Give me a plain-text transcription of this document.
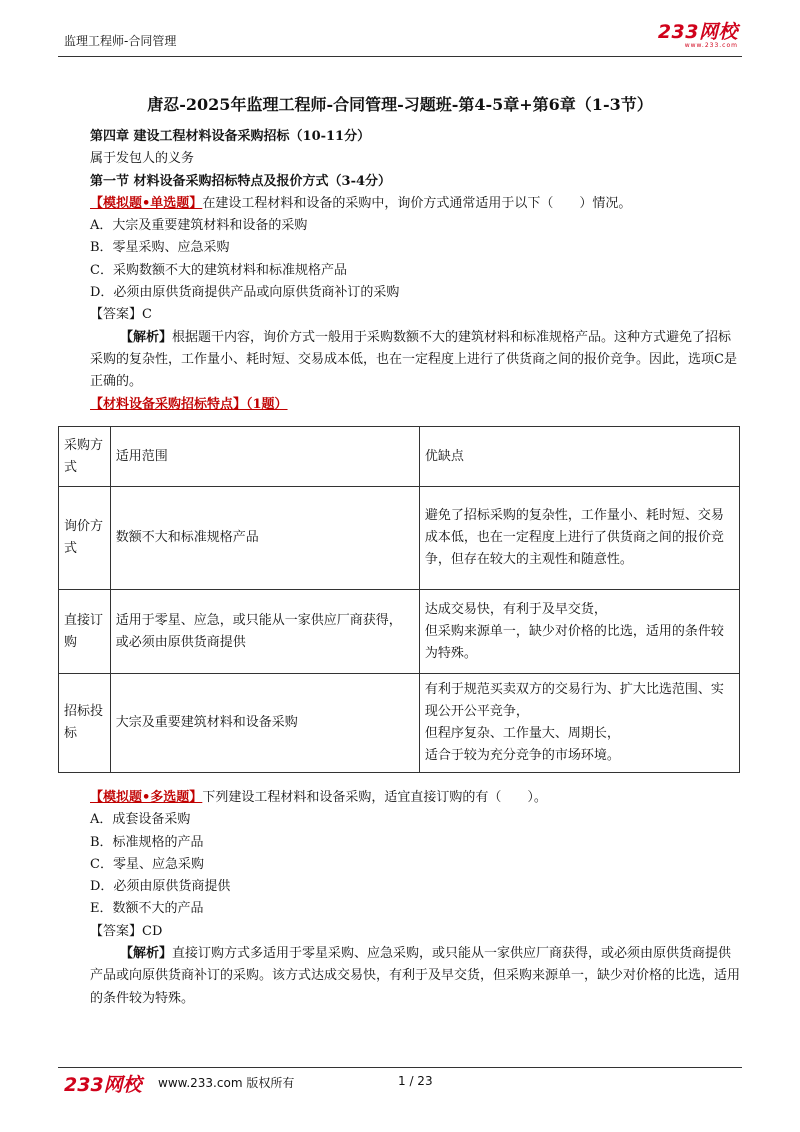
监理工程师-合同管理	233网校
www.233.com
唐忍-2025年监理工程师-合同管理-习题班-第4-5章+第6章（1-3节）

第四章 建设工程材料设备采购招标（10-11分）

属于发包人的义务

第一节 材料设备采购招标特点及报价方式（3-4分）

【模拟题•单选题】在建设工程材料和设备的采购中，询价方式通常适用于以下（　　）情况。

A．大宗及重要建筑材料和设备的采购

B．零星采购、应急采购

C．采购数额不大的建筑材料和标准规格产品

D．必须由原供货商提供产品或向原供货商补订的采购

【答案】C

【解析】根据题干内容，询价方式一般用于采购数额不大的建筑材料和标准规格产品。这种方式避免了招标采购的复杂性，工作量小、耗时短、交易成本低，也在一定程度上进行了供货商之间的报价竞争。因此，选项C是正确的。

【材料设备采购招标特点】（1题）

采购方式	适用范围	优缺点
询价方式	数额不大和标准规格产品	避免了招标采购的复杂性，工作量小、耗时短、交易成本低，也在一定程度上进行了供货商之间的报价竞争，但存在较大的主观性和随意性。
直接订购	适用于零星、应急，或只能从一家供应厂商获得，或必须由原供货商提供	达成交易快，有利于及早交货，
但采购来源单一，缺少对价格的比选，适用的条件较为特殊。
招标投标	大宗及重要建筑材料和设备采购	有利于规范买卖双方的交易行为、扩大比选范围、实现公开公平竞争，
但程序复杂、工作量大、周期长，
适合于较为充分竞争的市场环境。

【模拟题•多选题】下列建设工程材料和设备采购，适宜直接订购的有（　　）。

A．成套设备采购

B．标准规格的产品

C．零星、应急采购

D．必须由原供货商提供

E．数额不大的产品

【答案】CD

【解析】直接订购方式多适用于零星采购、应急采购，或只能从一家供应厂商获得，或必须由原供货商提供产品或向原供货商补订的采购。该方式达成交易快，有利于及早交货，但采购来源单一，缺少对价格的比选，适用的条件较为特殊。

233网校 www.233.com 版权所有	1 / 23
